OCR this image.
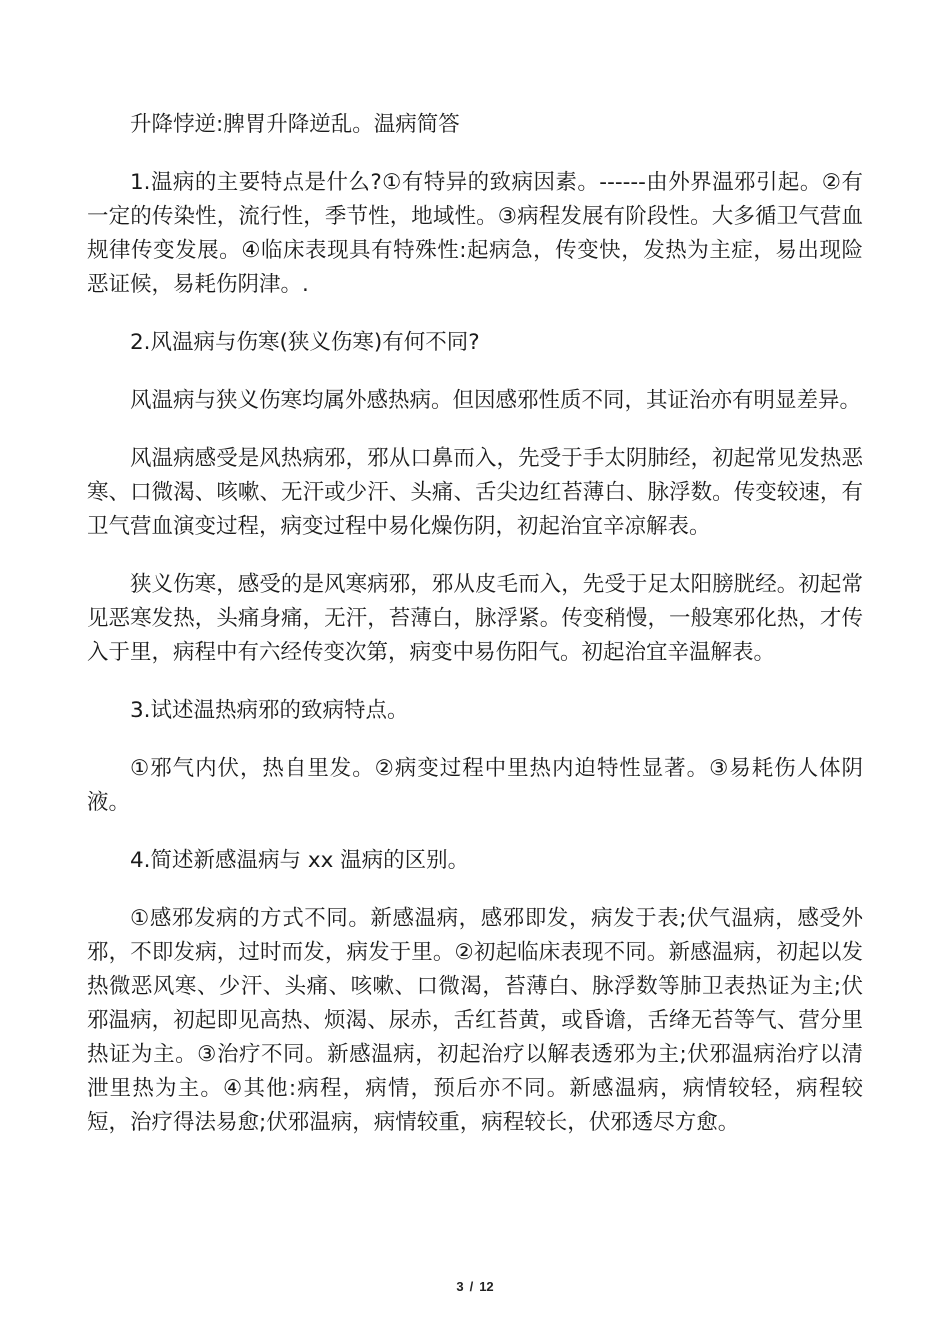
升降悖逆:脾胃升降逆乱。温病简答

1.温病的主要特点是什么?①有特异的致病因素。------由外界温邪引起。②有一定的传染性，流行性，季节性，地域性。③病程发展有阶段性。大多循卫气营血规律传变发展。④临床表现具有特殊性:起病急，传变快，发热为主症，易出现险恶证候，易耗伤阴津。.

2.风温病与伤寒(狭义伤寒)有何不同?

风温病与狭义伤寒均属外感热病。但因感邪性质不同，其证治亦有明显差异。

风温病感受是风热病邪，邪从口鼻而入，先受于手太阴肺经，初起常见发热恶寒、口微渴、咳嗽、无汗或少汗、头痛、舌尖边红苔薄白、脉浮数。传变较速，有卫气营血演变过程，病变过程中易化燥伤阴，初起治宜辛凉解表。

狭义伤寒，感受的是风寒病邪，邪从皮毛而入，先受于足太阳膀胱经。初起常见恶寒发热，头痛身痛，无汗，苔薄白，脉浮紧。传变稍慢，一般寒邪化热，才传入于里，病程中有六经传变次第，病变中易伤阳气。初起治宜辛温解表。

3.试述温热病邪的致病特点。

①邪气内伏，热自里发。②病变过程中里热内迫特性显著。③易耗伤人体阴液。

4.简述新感温病与 xx 温病的区别。

①感邪发病的方式不同。新感温病，感邪即发，病发于表;伏气温病，感受外邪，不即发病，过时而发，病发于里。②初起临床表现不同。新感温病，初起以发热微恶风寒、少汗、头痛、咳嗽、口微渴，苔薄白、脉浮数等肺卫表热证为主;伏邪温病，初起即见高热、烦渴、尿赤，舌红苔黄，或昏谵，舌绛无苔等气、营分里热证为主。③治疗不同。新感温病，初起治疗以解表透邪为主;伏邪温病治疗以清泄里热为主。④其他:病程，病情，预后亦不同。新感温病，病情较轻，病程较短，治疗得法易愈;伏邪温病，病情较重，病程较长，伏邪透尽方愈。

3 / 12
